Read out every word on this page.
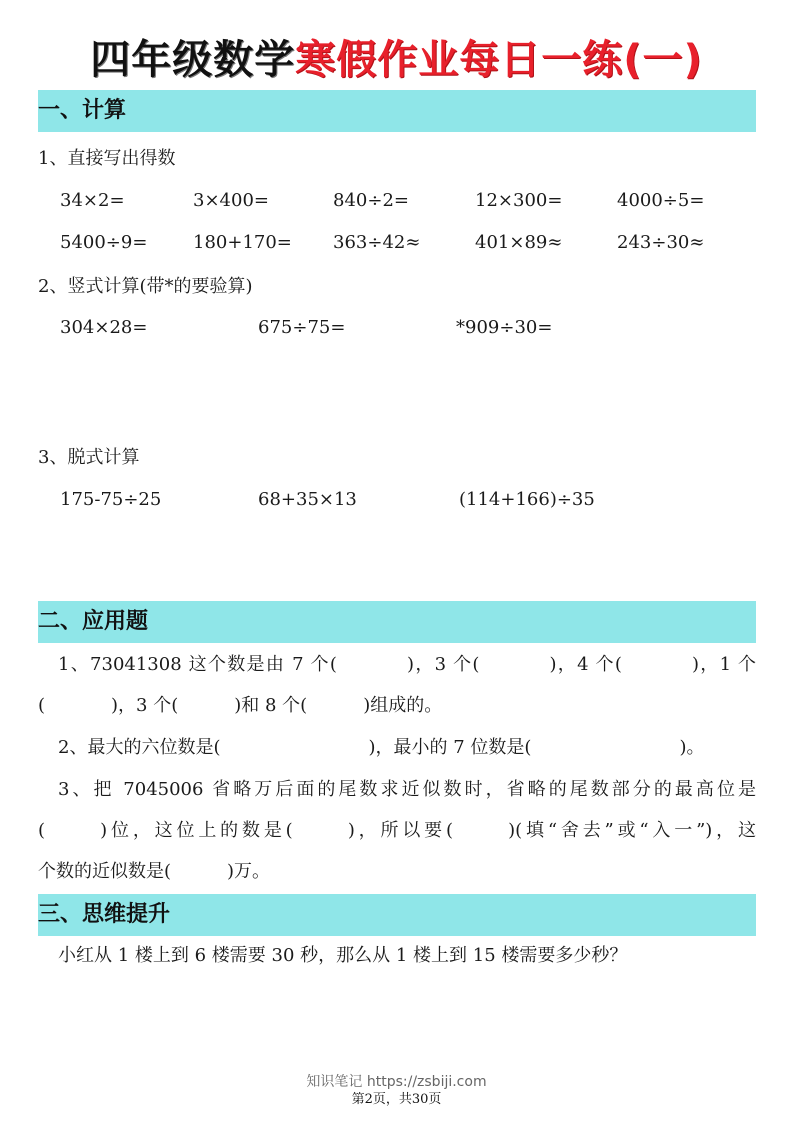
四年级数学寒假作业每日一练(一)
一、计算
1、直接写出得数
34×2=	3×400=	840÷2=	12×300=	4000÷5=
5400÷9=	180+170= 363÷42≈	401×89≈	243÷30≈
2、竖式计算(带*的要验算)
304×28=	675÷75=	*909÷30=
3、脱式计算
175-75÷25	68+35×13	(114+166)÷35
二、应用题
1、73041308 这个数是由 7 个(	)，3 个(	)，4 个(	)，1 个
(	)，3 个(	)和 8 个(	)组成的。
2、最大的六位数是(	)，最小的 7 位数是(	)。
3、把 7045006 省略万后面的尾数求近似数时，省略的尾数部分的最高位是
(	)位，这位上的数是(	)，所以要(	)(填“舍去”或“入一”)，这
个数的近似数是(	)万。
三、思维提升
小红从 1 楼上到 6 楼需要 30 秒，那么从 1 楼上到 15 楼需要多少秒？
知识笔记 https://zsbiji.com
第2页，共30页
